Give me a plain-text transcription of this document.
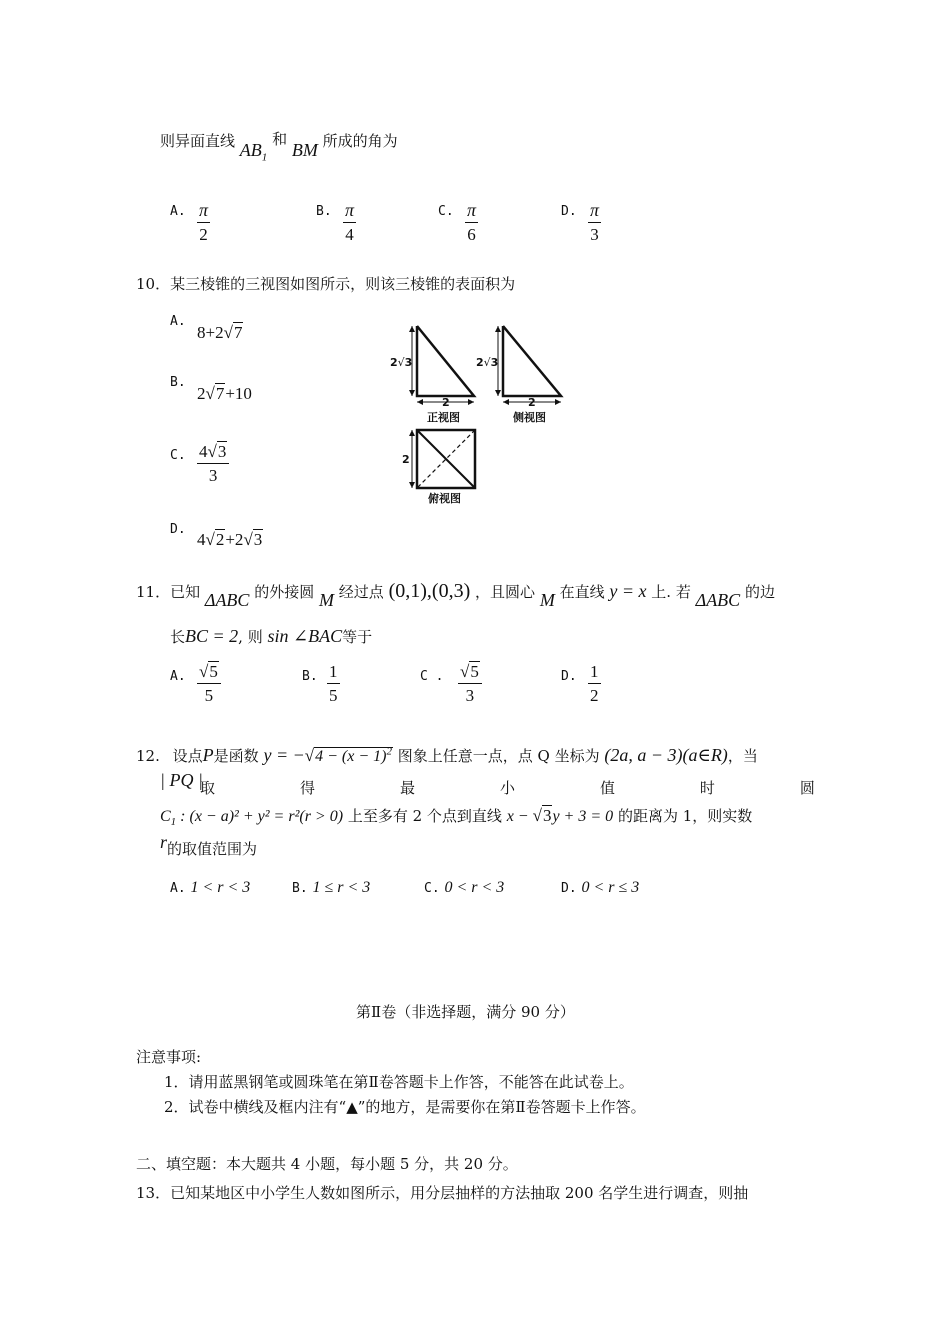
则异面直线 $AB_1$ 和 BM 所成的角为
A. $\frac{\pi}{2}$	B. $\frac{\pi}{4}$	C. $\frac{\pi}{6}$	D. $\frac{\pi}{3}$
10．某三棱锥的三视图如图所示，则该三棱锥的表面积为
A.
8+2√7
B.
2√7+10
C. $\frac{4√3}{3}$
D.
4√2+2√3
2√3	2√3
2	2
2
正视图	侧视图
俯视图
11．已知 ΔABC 的外接圆 M 经过点 (0,1),(0,3) ，且圆心 M 在直线 y = x 上. 若 ΔABC 的边
长BC = 2, 则 sin ∠BAC等于
A. $\frac{√5}{5}$	B. $\frac{1}{5}$	C . $\frac{√5}{3}$	D. $\frac{1}{2}$
12. 设点P是函数 $y = -√4 - (x - 1)^2$ 图象上任意一点，点 Q 坐标为 (2a, a − 3)(a∈R)，当
| PQ |
取	得	最	小	值	时	圆
$C_1$ : (x − a)² + y² = r²(r > 0) 上至多有 2 个点到直线 x − √3y + 3 = 0 的距离为 1，则实数
r的取值范围为
A. 1 < r < 3	B. 1 ≤ r < 3	C. 0 < r < 3	D. 0 < r ≤ 3
第Ⅱ卷（非选择题，满分 90 分）
注意事项:
1．请用蓝黑钢笔或圆珠笔在第Ⅱ卷答题卡上作答，不能答在此试卷上。
2．试卷中横线及框内注有“▲”的地方，是需要你在第Ⅱ卷答题卡上作答。
二、填空题：本大题共 4 小题，每小题 5 分，共 20 分。
13．已知某地区中小学生人数如图所示，用分层抽样的方法抽取 200 名学生进行调查，则抽
